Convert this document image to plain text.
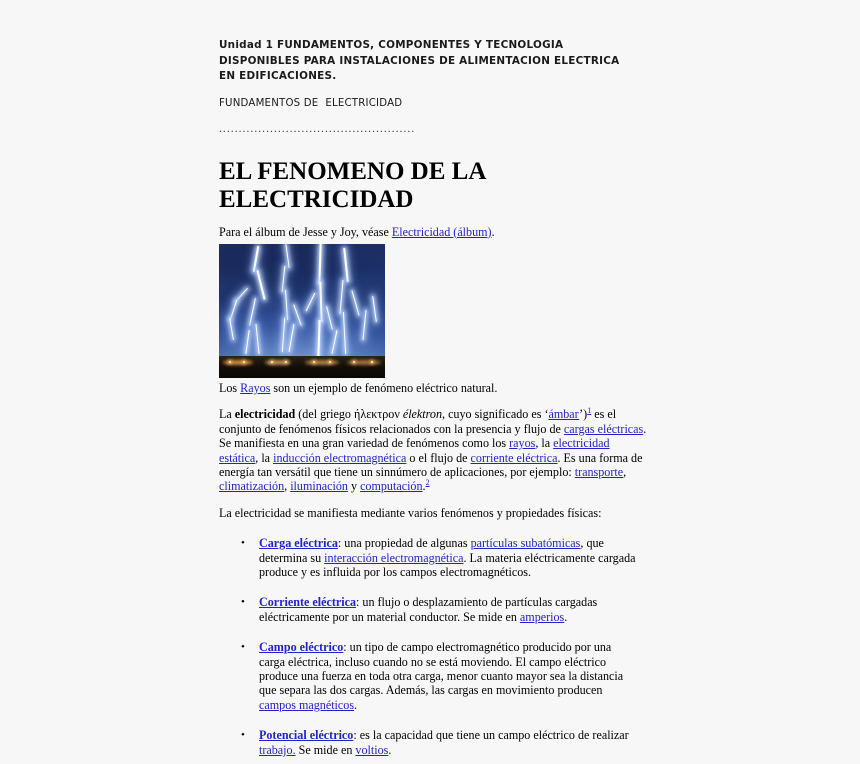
Unidad 1 FUNDAMENTOS, COMPONENTES Y TECNOLOGIA DISPONIBLES PARA INSTALACIONES DE ALIMENTACION ELECTRICA EN EDIFICACIONES.

FUNDAMENTOS DE  ELECTRICIDAD

..................................................

EL FENOMENO DE LA ELECTRICIDAD

Para el álbum de Jesse y Joy, véase Electricidad (álbum).

Los Rayos son un ejemplo de fenómeno eléctrico natural.

La electricidad (del griego ήλεκτρον élektron, cuyo significado es ‘ámbar’)$^1$ es el conjunto de fenómenos físicos relacionados con la presencia y flujo de cargas eléctricas. Se manifiesta en una gran variedad de fenómenos como los rayos, la electricidad estática, la inducción electromagnética o el flujo de corriente eléctrica. Es una forma de energía tan versátil que tiene un sinnúmero de aplicaciones, por ejemplo: transporte, climatización, iluminación y computación.$^2$

La electricidad se manifiesta mediante varios fenómenos y propiedades físicas:

• Carga eléctrica: una propiedad de algunas partículas subatómicas, que determina su interacción electromagnética. La materia eléctricamente cargada produce y es influida por los campos electromagnéticos.
• Corriente eléctrica: un flujo o desplazamiento de partículas cargadas eléctricamente por un material conductor. Se mide en amperios.
• Campo eléctrico: un tipo de campo electromagnético producido por una carga eléctrica, incluso cuando no se está moviendo. El campo eléctrico produce una fuerza en toda otra carga, menor cuanto mayor sea la distancia que separa las dos cargas. Además, las cargas en movimiento producen campos magnéticos.
• Potencial eléctrico: es la capacidad que tiene un campo eléctrico de realizar trabajo. Se mide en voltios.
